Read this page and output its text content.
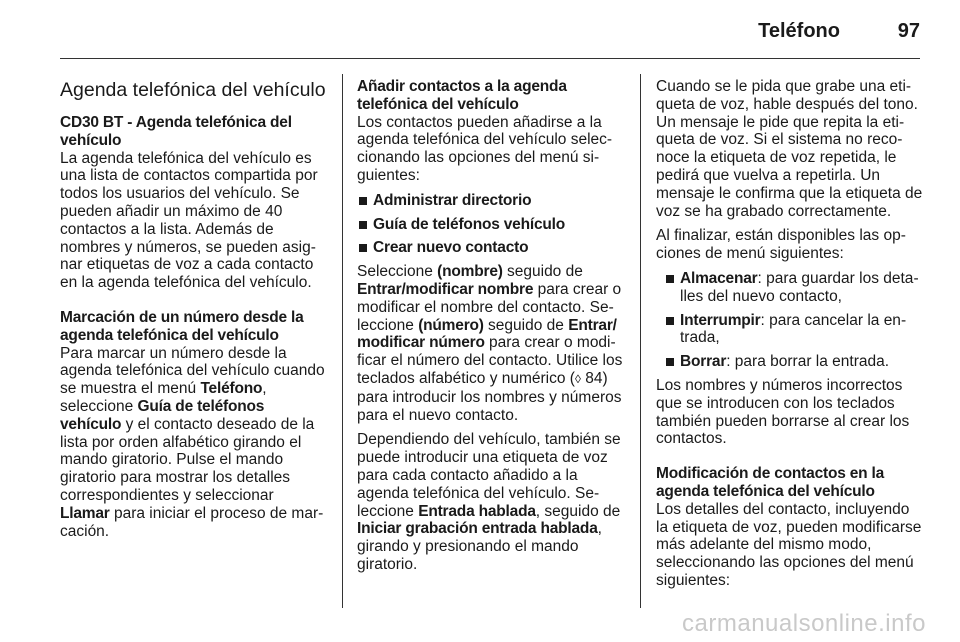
Teléfono	97
Agenda telefónica del vehículo
CD30 BT - Agenda telefónica del vehículo

La agenda telefónica del vehículo es una lista de contactos compartida por todos los usuarios del vehículo. Se pueden añadir un máximo de 40 contactos a la lista. Además de nombres y números, se pueden asignar etiquetas de voz a cada contacto en la agenda telefónica del vehículo.

Marcación de un número desde la agenda telefónica del vehículo

Para marcar un número desde la agenda telefónica del vehículo cuando se muestra el menú Teléfono, seleccione Guía de teléfonos vehículo y el contacto deseado de la lista por orden alfabético girando el mando giratorio. Pulse el mando giratorio para mostrar los detalles correspondientes y seleccionar Llamar para iniciar el proceso de marcación.

Añadir contactos a la agenda telefónica del vehículo

Los contactos pueden añadirse a la agenda telefónica del vehículo seleccionando las opciones del menú siguientes:

Administrar directorio
Guía de teléfonos vehículo
Crear nuevo contacto

Seleccione (nombre) seguido de Entrar/modificar nombre para crear o modificar el nombre del contacto. Seleccione (número) seguido de Entrar/ modificar número para crear o modificar el número del contacto. Utilice los teclados alfabético y numérico (◊ 84) para introducir los nombres y números para el nuevo contacto.

Dependiendo del vehículo, también se puede introducir una etiqueta de voz para cada contacto añadido a la agenda telefónica del vehículo. Seleccione Entrada hablada, seguido de Iniciar grabación entrada hablada, girando y presionando el mando giratorio.

Cuando se le pida que grabe una etiqueta de voz, hable después del tono. Un mensaje le pide que repita la etiqueta de voz. Si el sistema no reconoce la etiqueta de voz repetida, le pedirá que vuelva a repetirla. Un mensaje le confirma que la etiqueta de voz se ha grabado correctamente.

Al finalizar, están disponibles las opciones de menú siguientes:

Almacenar: para guardar los detalles del nuevo contacto,
Interrumpir: para cancelar la entrada,
Borrar: para borrar la entrada.

Los nombres y números incorrectos que se introducen con los teclados también pueden borrarse al crear los contactos.

Modificación de contactos en la agenda telefónica del vehículo

Los detalles del contacto, incluyendo la etiqueta de voz, pueden modificarse más adelante del mismo modo, seleccionando las opciones del menú siguientes:

carmanualsonline.info
